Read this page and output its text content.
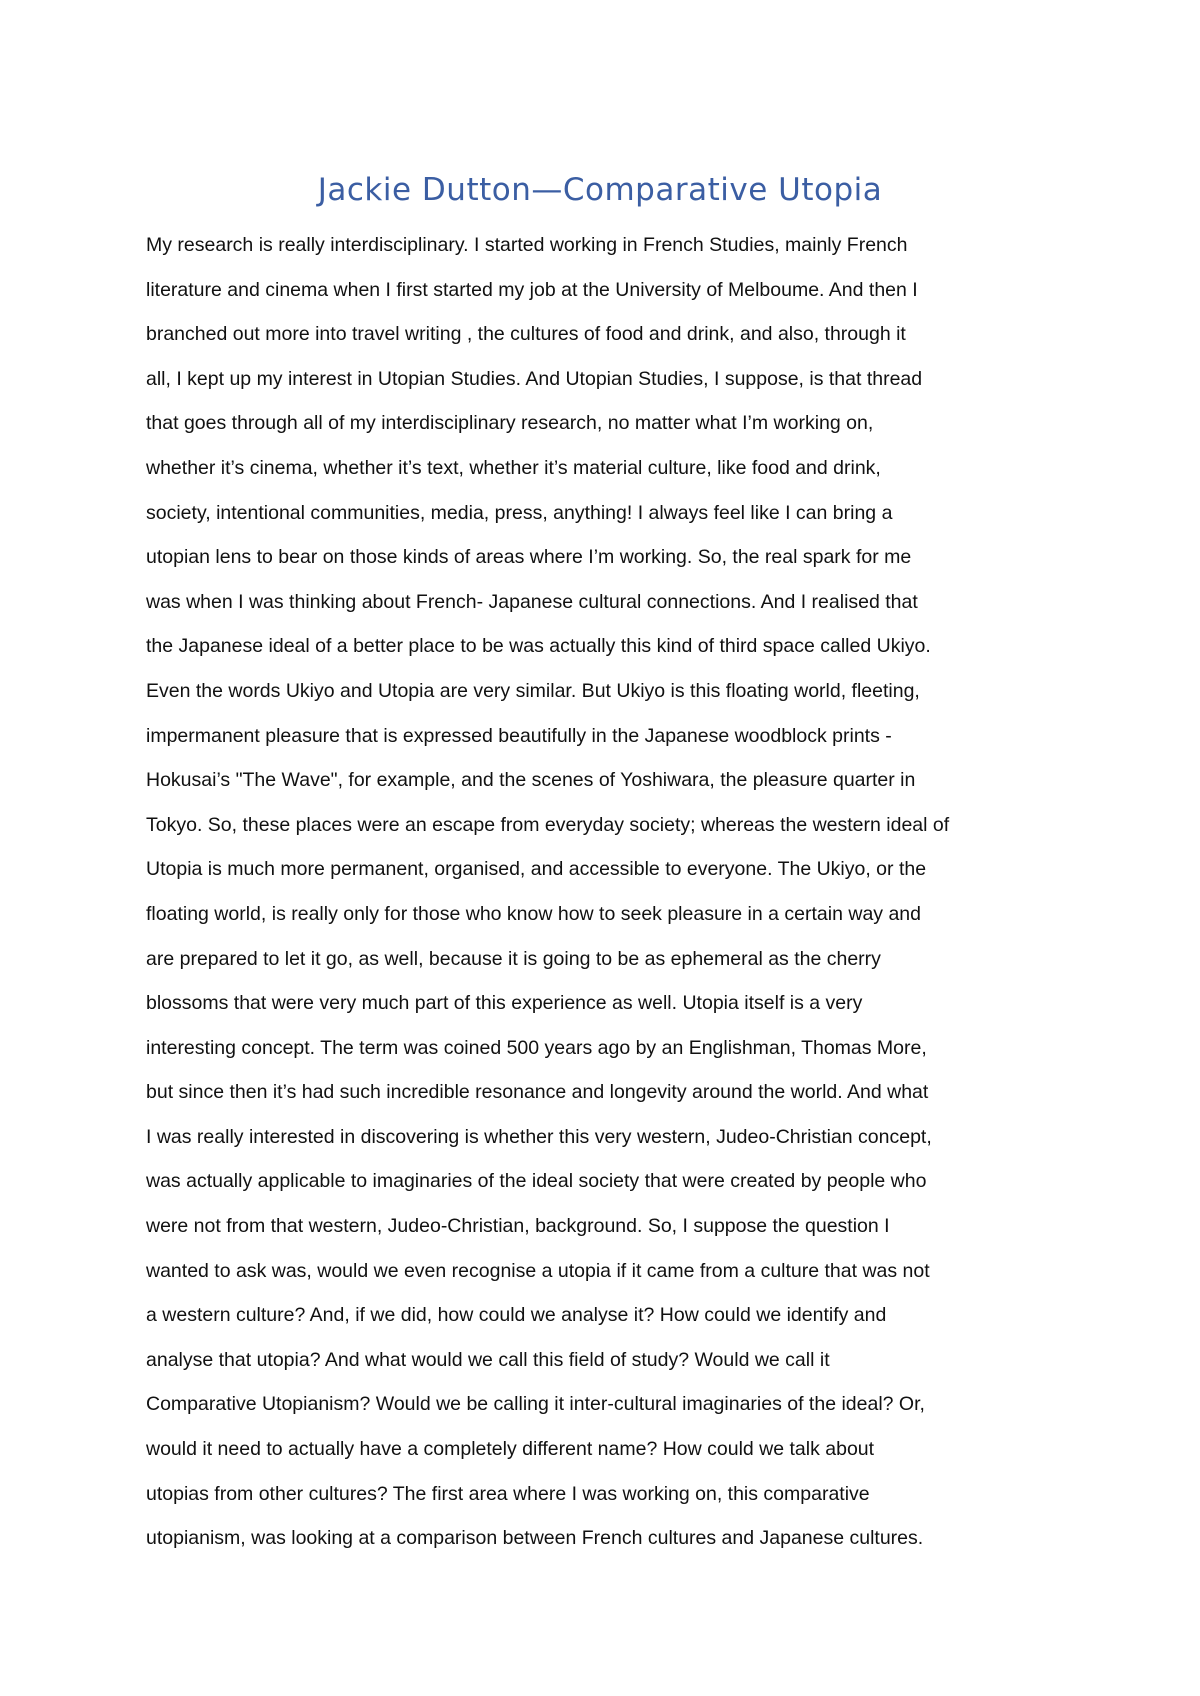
Jackie Dutton—Comparative Utopia

My research is really interdisciplinary. I started working in French Studies, mainly French
literature and cinema when I first started my job at the University of Melboume. And then I
branched out more into travel writing , the cultures of food and drink, and also, through it
all, I kept up my interest in Utopian Studies. And Utopian Studies, I suppose, is that thread
that goes through all of my interdisciplinary research, no matter what I’m working on,
whether it’s cinema, whether it’s text, whether it’s material culture, like food and drink,
society, intentional communities, media, press, anything! I always feel like I can bring a
utopian lens to bear on those kinds of areas where I’m working. So, the real spark for me
was when I was thinking about French- Japanese cultural connections. And I realised that
the Japanese ideal of a better place to be was actually this kind of third space called Ukiyo.
Even the words Ukiyo and Utopia are very similar. But Ukiyo is this floating world, fleeting,
impermanent pleasure that is expressed beautifully in the Japanese woodblock prints -
Hokusai’s "The Wave", for example, and the scenes of Yoshiwara, the pleasure quarter in
Tokyo. So, these places were an escape from everyday society; whereas the western ideal of
Utopia is much more permanent, organised, and accessible to everyone. The Ukiyo, or the
floating world, is really only for those who know how to seek pleasure in a certain way and
are prepared to let it go, as well, because it is going to be as ephemeral as the cherry
blossoms that were very much part of this experience as well. Utopia itself is a very
interesting concept. The term was coined 500 years ago by an Englishman, Thomas More,
but since then it’s had such incredible resonance and longevity around the world. And what
I was really interested in discovering is whether this very western, Judeo-Christian concept,
was actually applicable to imaginaries of the ideal society that were created by people who
were not from that western, Judeo-Christian, background. So, I suppose the question I
wanted to ask was, would we even recognise a utopia if it came from a culture that was not
a western culture? And, if we did, how could we analyse it? How could we identify and
analyse that utopia? And what would we call this field of study? Would we call it
Comparative Utopianism? Would we be calling it inter-cultural imaginaries of the ideal? Or,
would it need to actually have a completely different name? How could we talk about
utopias from other cultures? The first area where I was working on, this comparative
utopianism, was looking at a comparison between French cultures and Japanese cultures.
